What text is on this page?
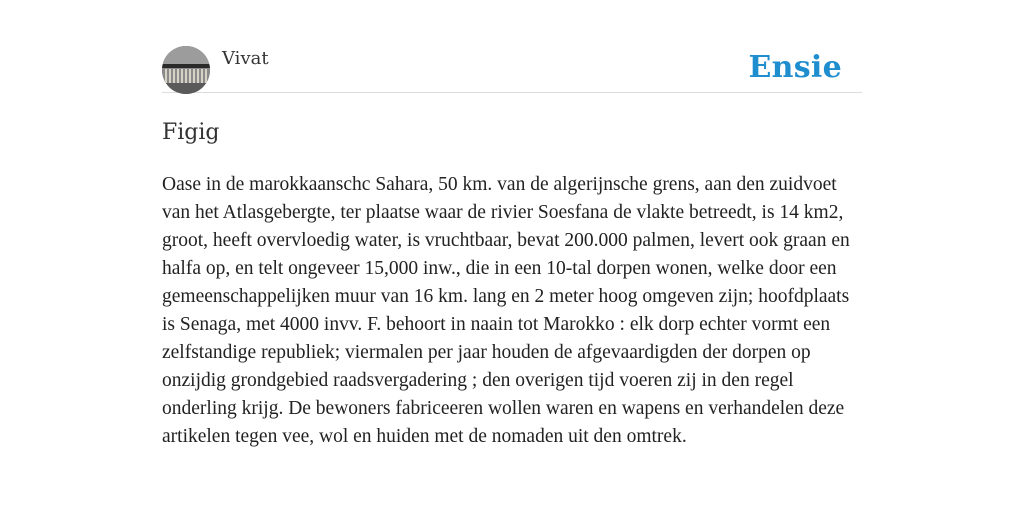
Vivat	Ensie
Figig

Oase in de marokkaanschc Sahara, 50 km. van de algerijnsche grens, aan den zuidvoet van het Atlasgebergte, ter plaatse waar de rivier Soesfana de vlakte betreedt, is 14 km2, groot, heeft overvloedig water, is vruchtbaar, bevat 200.000 palmen, levert ook graan en halfa op, en telt ongeveer 15,000 inw., die in een 10-tal dorpen wonen, welke door een gemeenschappelijken muur van 16 km. lang en 2 meter hoog omgeven zijn; hoofdplaats is Senaga, met 4000 invv. F. behoort in naain tot Marokko : elk dorp echter vormt een zelfstandige republiek; viermalen per jaar houden de afgevaardigden der dorpen op onzijdig grondgebied raadsvergadering ; den overigen tijd voeren zij in den regel onderling krijg. De bewoners fabriceeren wollen waren en wapens en verhandelen deze artikelen tegen vee, wol en huiden met de nomaden uit den omtrek.
